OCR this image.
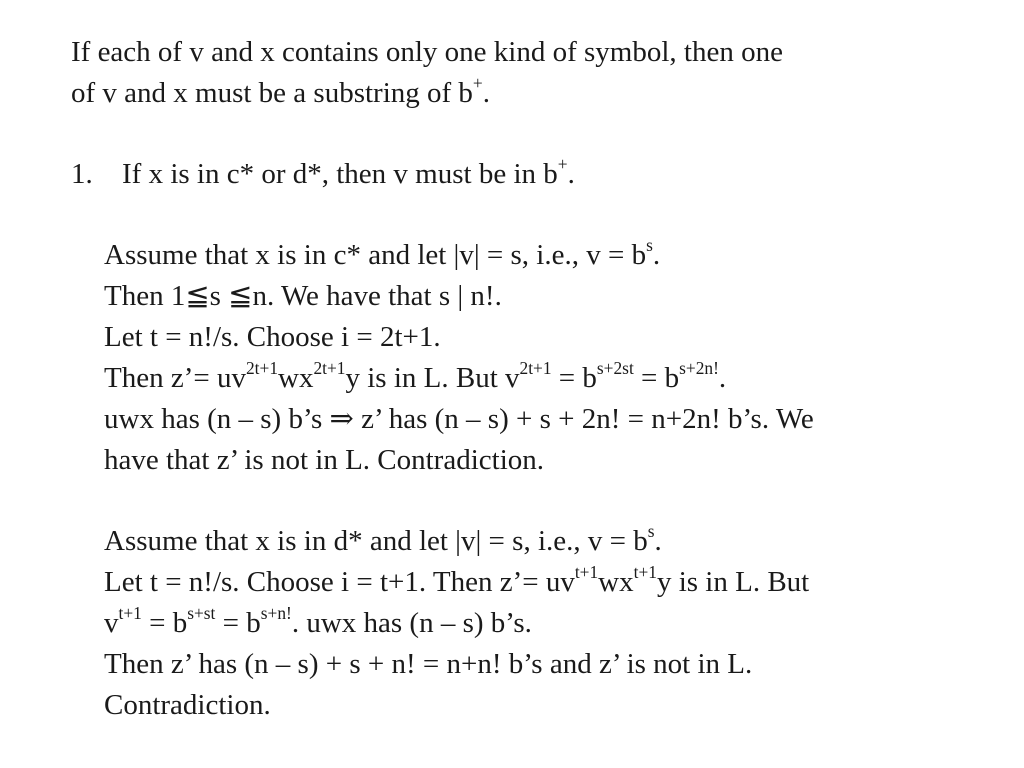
If each of v and x contains only one kind of symbol, then one
of v and x must be a substring of b+.
1. If x is in c* or d*, then v must be in b+.
Assume that x is in c* and let |v| = s, i.e., $v = b^s$.
Then 1≦s ≦n. We have that s | n!.
Let t = n!/s. Choose i = 2t+1.
Then z’= $uv^{2t+1}wx^{2t+1}y$ is in L. But $v^{2t+1} = b^{s+2st} = b^{s+2n!}$.
uwx has (n – s) b’s ⇒ z’ has (n – s) + s + 2n! = n+2n! b’s. We
have that z’ is not in L. Contradiction.
Assume that x is in d* and let |v| = s, i.e., $v = b^s$.
Let t = n!/s. Choose i = t+1. Then z’= $uv^{t+1}wx^{t+1}y$ is in L. But
$v^{t+1} = b^{s+st} = b^{s+n!}$. uwx has (n – s) b’s.
Then z’ has (n – s) + s + n! = n+n! b’s and z’ is not in L.
Contradiction.
